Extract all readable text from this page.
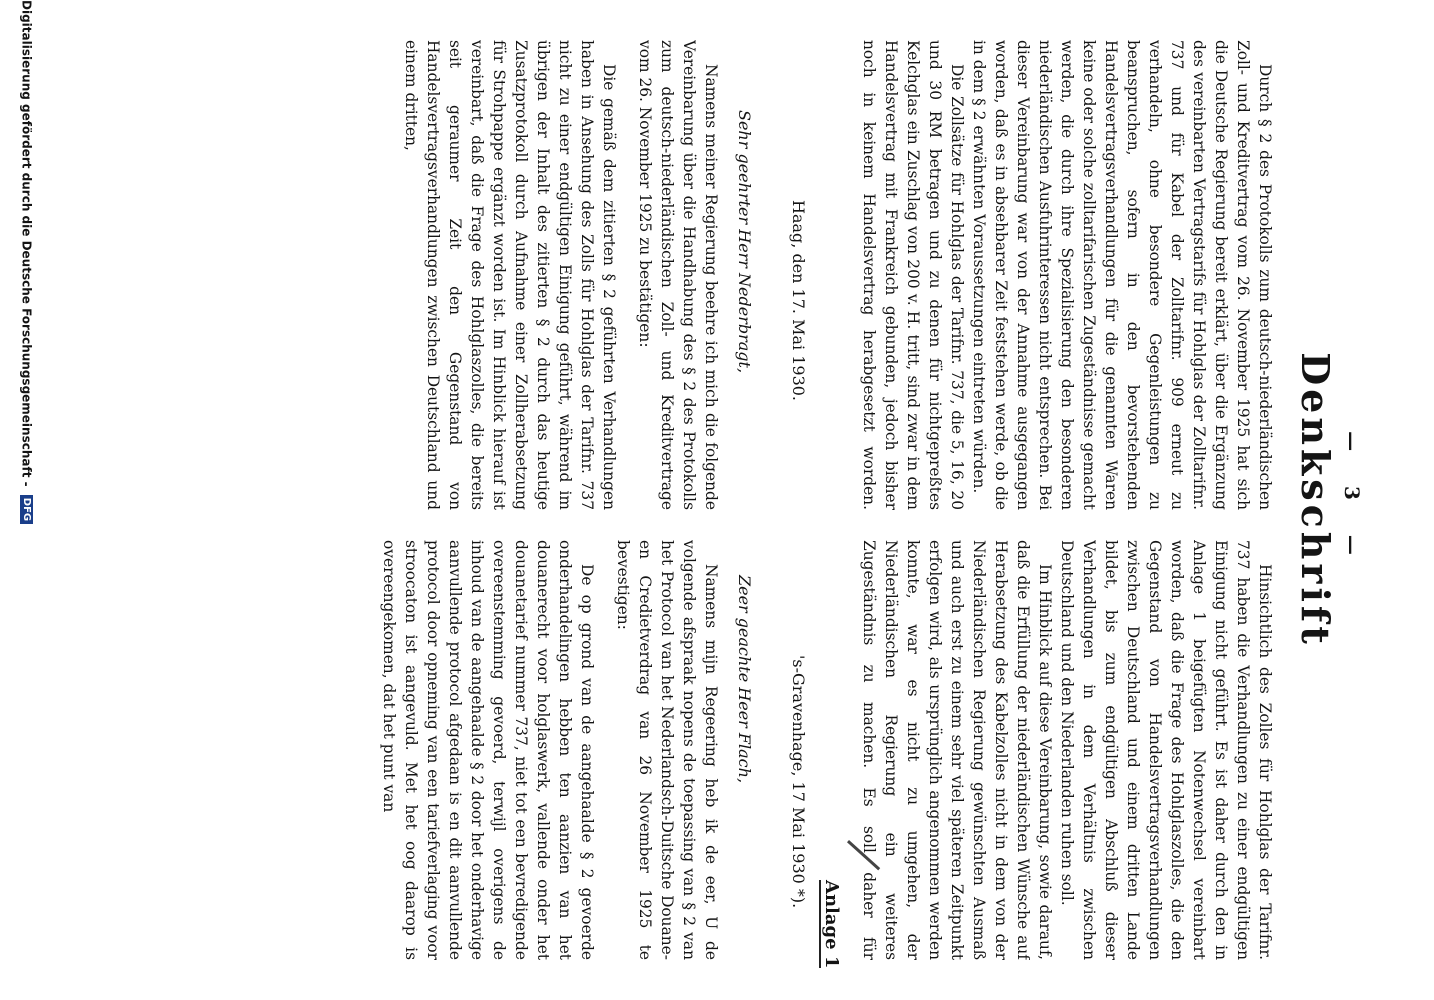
— 3 —
Denkschrift

Durch § 2 des Protokolls zum deutsch-niederländischen Zoll- und Kreditvertrag vom 26. November 1925 hat sich die Deutsche Regierung bereit erklärt, über die Ergänzung des vereinbarten Vertragstarifs für Hohlglas der Zolltarifnr. 737 und für Kabel der Zolltarifnr. 909 erneut zu verhandeln, ohne besondere Gegenleistungen zu beanspruchen, sofern in den bevorstehenden Handelsvertragsverhandlungen für die genannten Waren keine oder solche zolltarifarischen Zugeständnisse gemacht werden, die durch ihre Spezialisierung den besonderen niederländischen Ausfuhrinteressen nicht entsprechen. Bei dieser Vereinbarung war von der Annahme ausgegangen worden, daß es in absehbarer Zeit feststehen werde, ob die in dem § 2 erwähnten Voraussetzungen eintreten würden.

Die Zollsätze für Hohlglas der Tarifnr. 737, die 5, 16, 20 und 30 RM betragen und zu denen für nichtgepreßtes Kelchglas ein Zuschlag von 200 v. H. tritt, sind zwar in dem Handelsvertrag mit Frankreich gebunden, jedoch bisher noch in keinem Handelsvertrag herabgesetzt worden.

Hinsichtlich des Zolles für Hohlglas der Tarifnr. 737 haben die Verhandlungen zu einer endgültigen Einigung nicht geführt. Es ist daher durch den in Anlage 1 beigefügten Notenwechsel vereinbart worden, daß die Frage des Hohlglaszolles, die den Gegenstand von Handelsvertragsverhandlungen zwischen Deutschland und einem dritten Lande bildet, bis zum endgültigen Abschluß dieser Verhandlungen in dem Verhältnis zwischen Deutschland und den Niederlanden ruhen soll.

Im Hinblick auf diese Vereinbarung, sowie darauf, daß die Erfüllung der niederländischen Wünsche auf Herabsetzung des Kabelzolles nicht in dem von der Niederländischen Regierung gewünschten Ausmaß und auch erst zu einem sehr viel späteren Zeitpunkt erfolgen wird, als ursprünglich angenommen werden konnte, war es nicht zu umgehen, der Niederländischen Regierung ein weiteres Zugeständnis zu machen. Es soll daher für

Anlage 1
Haag, den 17. Mai 1930.
's-Gravenhage, 17 Mai 1930 *).
Sehr geehrter Herr Nederbragt,
Zeer geachte Heer Flach,

Namens meiner Regierung beehre ich mich die folgende Vereinbarung über die Handhabung des § 2 des Protokolls zum deutsch-niederländischen Zoll- und Kreditvertrage vom 26. November 1925 zu bestätigen:

Die gemäß dem zitierten § 2 geführten Verhandlungen haben in Ansehung des Zolls für Hohlglas der Tarifnr. 737 nicht zu einer endgültigen Einigung geführt, während im übrigen der Inhalt des zitierten § 2 durch das heutige Zusatzprotokoll durch Aufnahme einer Zollherabsetzung für Strohpappe ergänzt worden ist. Im Hinblick hierauf ist vereinbart, daß die Frage des Hohlglaszolles, die bereits seit geraumer Zeit den Gegenstand von Handelsvertragsverhandlungen zwischen Deutschland und einem dritten,

Namens mijn Regeering heb ik de eer, U de volgende afspraak nopens de toepassing van § 2 van het Protocol van het Nederlandsch-Duitsche Douane- en Credietverdrag van 26 November 1925 te bevestigen:

De op grond van de aangehaalde § 2 gevoerde onderhandelingen hebben ten aanzien van het douanerecht voor holglaswerk, vallende onder het douanetarief nummer 737, niet tot een bevredigende overeenstemming gevoerd, terwijl overigens de inhoud van de aangehaalde § 2 door het onderhavige aanvullende protocol afgedaan is en dit aanvullende protocol door opneming van een tariefverlaging voor stroocaton ist aangevuld. Met het oog daarop is overeengekomen, dat het punt van

Digitalisierung gefördert durch die Deutsche Forschungsgemeinschaft - DFG
